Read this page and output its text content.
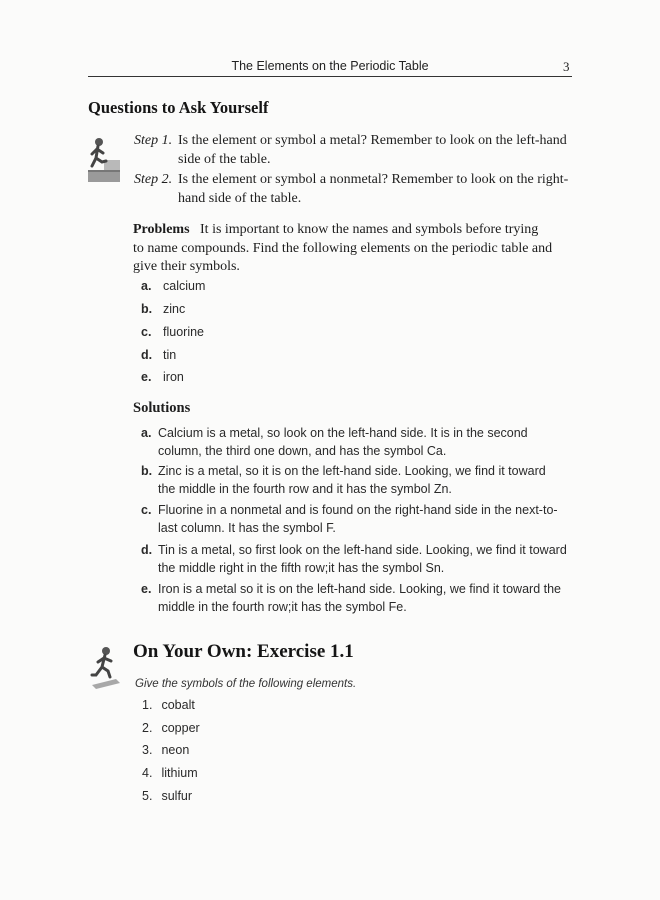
The Elements on the Periodic Table	3
Questions to Ask Yourself
Step 1. Is the element or symbol a metal? Remember to look on the left-hand
side of the table.
Step 2. Is the element or symbol a nonmetal? Remember to look on the right-
hand side of the table.
Problems It is important to know the names and symbols before trying
to name compounds. Find the following elements on the periodic table and
give their symbols.
a. calcium
b. zinc
c. fluorine
d. tin
e. iron
Solutions
a. Calcium is a metal, so look on the left-hand side. It is in the second
column, the third one down, and has the symbol Ca.
b. Zinc is a metal, so it is on the left-hand side. Looking, we find it toward
the middle in the fourth row and it has the symbol Zn.
c. Fluorine in a nonmetal and is found on the right-hand side in the next-to-
last column. It has the symbol F.
d. Tin is a metal, so first look on the left-hand side. Looking, we find it toward
the middle right in the fifth row;it has the symbol Sn.
e. Iron is a metal so it is on the left-hand side. Looking, we find it toward the
middle in the fourth row;it has the symbol Fe.
On Your Own: Exercise 1.1
Give the symbols of the following elements.
1. cobalt
2. copper
3. neon
4. lithium
5. sulfur
